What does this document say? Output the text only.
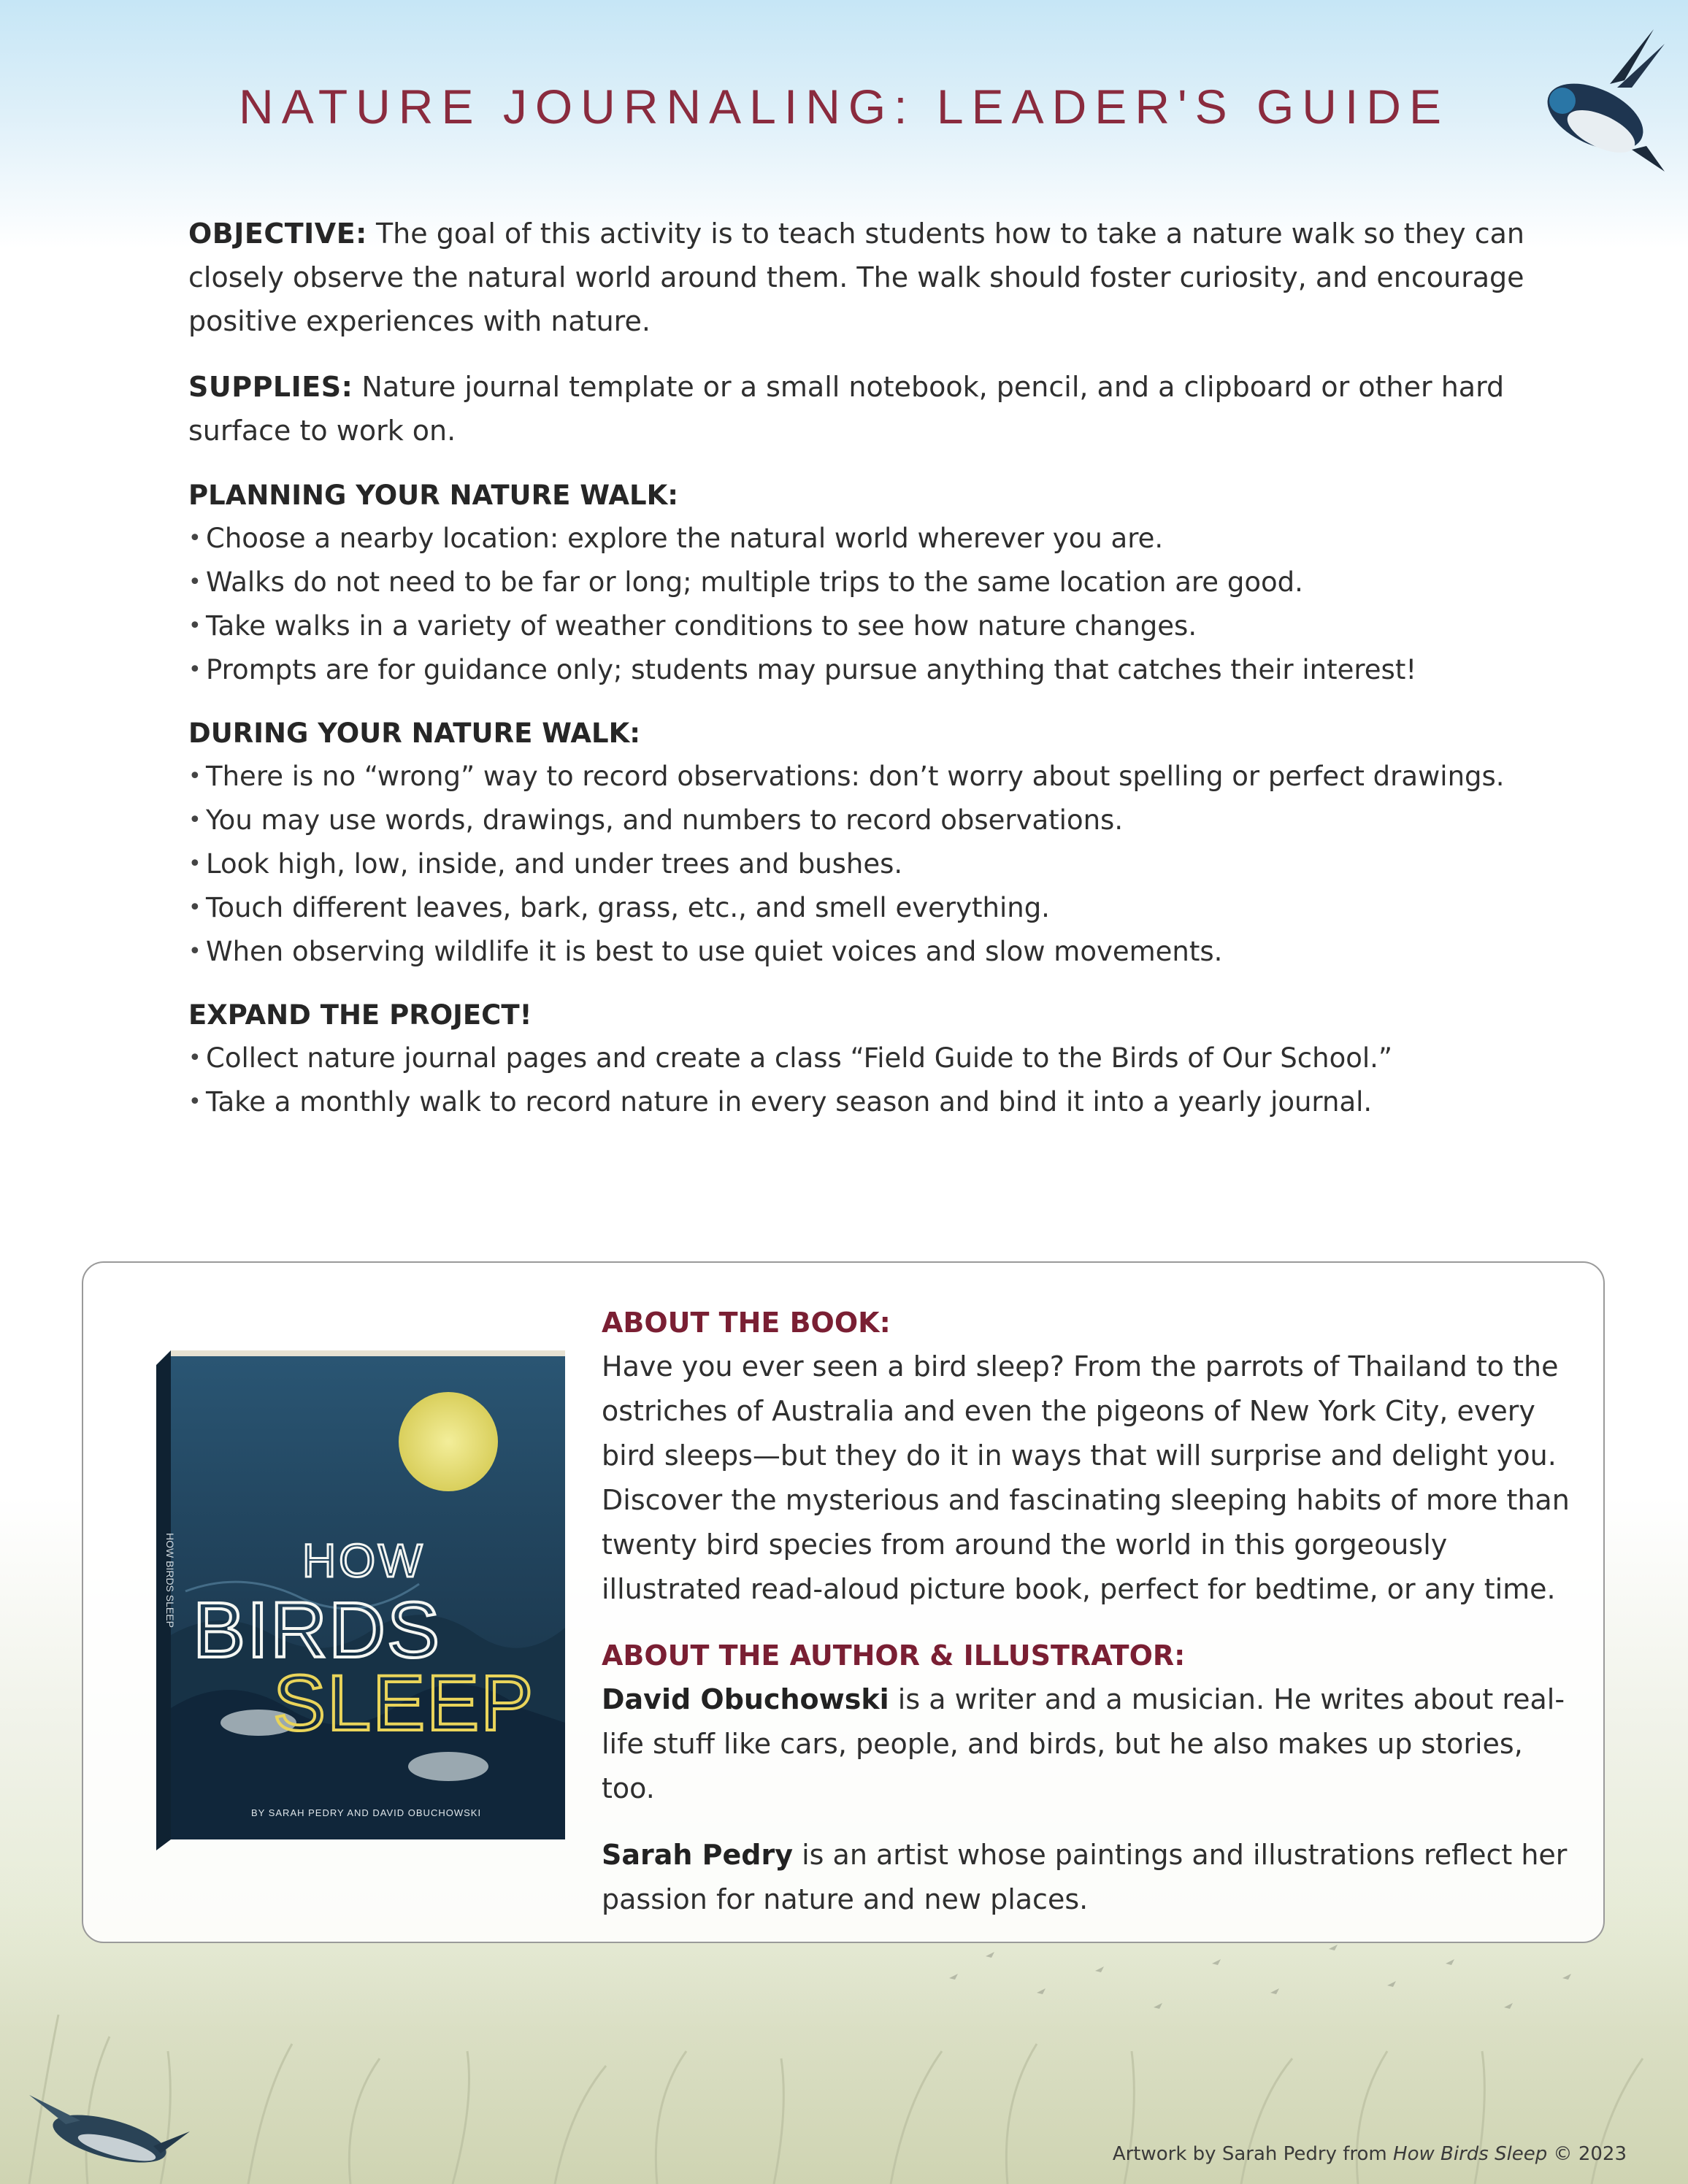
NATURE JOURNALING: LEADER'S GUIDE

OBJECTIVE: The goal of this activity is to teach students how to take a nature walk so they can closely observe the natural world around them. The walk should foster curiosity, and encourage positive experiences with nature.

SUPPLIES: Nature journal template or a small notebook, pencil, and a clipboard or other hard surface to work on.

PLANNING YOUR NATURE WALK:
• Choose a nearby location: explore the natural world wherever you are.
• Walks do not need to be far or long; multiple trips to the same location are good.
• Take walks in a variety of weather conditions to see how nature changes.
• Prompts are for guidance only; students may pursue anything that catches their interest!
DURING YOUR NATURE WALK:
• There is no “wrong” way to record observations: don’t worry about spelling or perfect drawings.
• You may use words, drawings, and numbers to record observations.
• Look high, low, inside, and under trees and bushes.
• Touch different leaves, bark, grass, etc., and smell everything.
• When observing wildlife it is best to use quiet voices and slow movements.
EXPAND THE PROJECT!
• Collect nature journal pages and create a class “Field Guide to the Birds of Our School.”
• Take a monthly walk to record nature in every season and bind it into a yearly journal.
HOW
BIRDS
SLEEP
BY SARAH PEDRY AND DAVID OBUCHOWSKI
HOW BIRDS SLEEP
ABOUT THE BOOK:

Have you ever seen a bird sleep? From the parrots of Thailand to the ostriches of Australia and even the pigeons of New York City, every bird sleeps—but they do it in ways that will surprise and delight you. Discover the mysterious and fascinating sleeping habits of more than twenty bird species from around the world in this gorgeously illustrated read-aloud picture book, perfect for bedtime, or any time.

ABOUT THE AUTHOR & ILLUSTRATOR:

David Obuchowski is a writer and a musician. He writes about real-life stuff like cars, people, and birds, but he also makes up stories, too.

Sarah Pedry is an artist whose paintings and illustrations reflect her passion for nature and new places.

Artwork by Sarah Pedry from How Birds Sleep © 2023
